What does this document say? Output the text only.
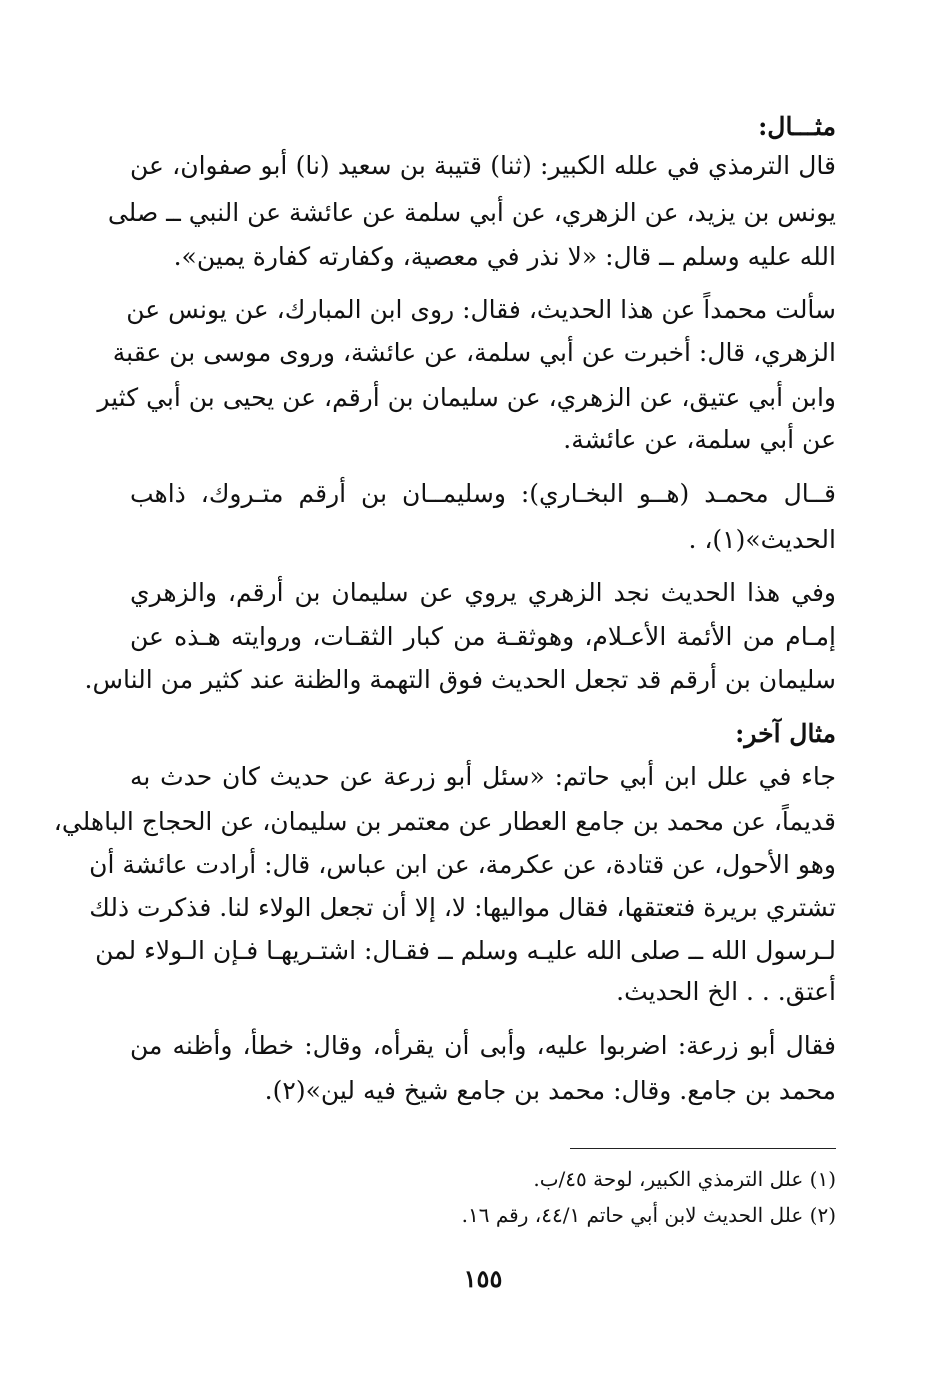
مثـــال:
قال الترمذي في علله الكبير: (ثنا) قتيبة بن سعيد (نا) أبو صفوان، عن
يونس بن يزيد، عن الزهري، عن أبي سلمة عن عائشة عن النبي ــ صلى
الله عليه وسلم ــ قال: «لا نذر في معصية، وكفارته كفارة يمين».
سألت محمداً عن هذا الحديث، فقال: روى ابن المبارك، عن يونس عن
الزهري، قال: أخبرت عن أبي سلمة، عن عائشة، وروى موسى بن عقبة
وابن أبي عتيق، عن الزهري، عن سليمان بن أرقم، عن يحيى بن أبي كثير
عن أبي سلمة، عن عائشة.
قــال محمـد (هــو البخـاري): وسليمــان بن أرقم متـروك، ذاهب
الحديث»(١)، .
وفي هذا الحديث نجد الزهري يروي عن سليمان بن أرقم، والزهري
إمـام من الأئمة الأعـلام، وهوثقـة من كبار الثقـات، وروايته هـذه عن
سليمان بن أرقم قد تجعل الحديث فوق التهمة والظنة عند كثير من الناس.
مثال آخر:
جاء في علل ابن أبي حاتم: «سئل أبو زرعة عن حديث كان حدث به
قديماً، عن محمد بن جامع العطار عن معتمر بن سليمان، عن الحجاج الباهلي،
وهو الأحول، عن قتادة، عن عكرمة، عن ابن عباس، قال: أرادت عائشة أن
تشتري بريرة فتعتقها، فقال مواليها: لا، إلا أن تجعل الولاء لنا. فذكرت ذلك
لـرسول الله ــ صلى الله عليـه وسلم ــ فقـال: اشتـريهـا فـإن الـولاء لمن
أعتق. . . الخ الحديث.
فقال أبو زرعة: اضربوا عليه، وأبى أن يقرأه، وقال: خطأ، وأظنه من
محمد بن جامع. وقال: محمد بن جامع شيخ فيه لين»(٢).
(١) علل الترمذي الكبير، لوحة ٤٥/ب.
(٢) علل الحديث لابن أبي حاتم ٤٤/١، رقم ١٦.
١٥٥
